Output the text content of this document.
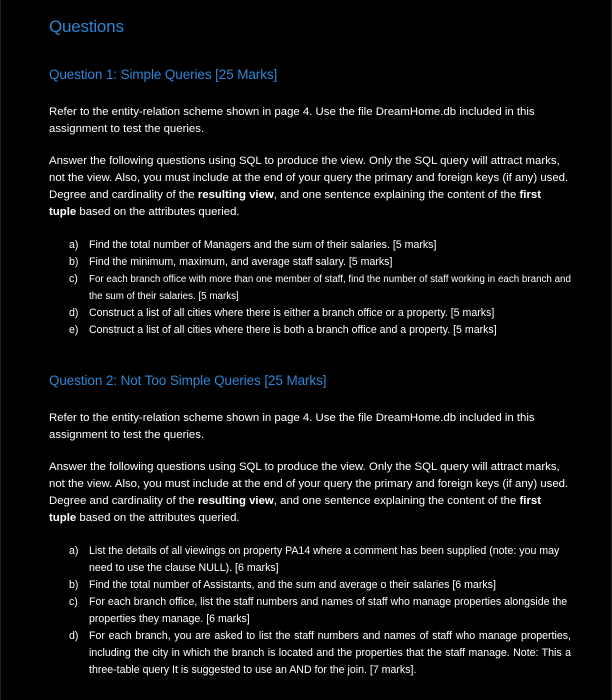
Questions
Question 1: Simple Queries [25 Marks]

Refer to the entity-relation scheme shown in page 4. Use the file DreamHome.db included in this assignment to test the queries.

Answer the following questions using SQL to produce the view. Only the SQL query will attract marks, not the view. Also, you must include at the end of your query the primary and foreign keys (if any) used. Degree and cardinality of the resulting view, and one sentence explaining the content of the first tuple based on the attributes queried.

a) Find the total number of Managers and the sum of their salaries. [5 marks]
b) Find the minimum, maximum, and average staff salary. [5 marks]
c) For each branch office with more than one member of staff, find the number of staff working in each branch and the sum of their salaries. [5 marks]
d) Construct a list of all cities where there is either a branch office or a property. [5 marks]
e) Construct a list of all cities where there is both a branch office and a property. [5 marks]
Question 2: Not Too Simple Queries [25 Marks]

Refer to the entity-relation scheme shown in page 4. Use the file DreamHome.db included in this assignment to test the queries.

Answer the following questions using SQL to produce the view. Only the SQL query will attract marks, not the view. Also, you must include at the end of your query the primary and foreign keys (if any) used. Degree and cardinality of the resulting view, and one sentence explaining the content of the first tuple based on the attributes queried.

a) List the details of all viewings on property PA14 where a comment has been supplied (note: you may need to use the clause NULL). [6 marks]
b) Find the total number of Assistants, and the sum and average o their salaries [6 marks]
c) For each branch office, list the staff numbers and names of staff who manage properties alongside the properties they manage. [6 marks]
d) For each branch, you are asked to list the staff numbers and names of staff who manage properties, including the city in which the branch is located and the properties that the staff manage. Note: This a three-table query It is suggested to use an AND for the join. [7 marks].
